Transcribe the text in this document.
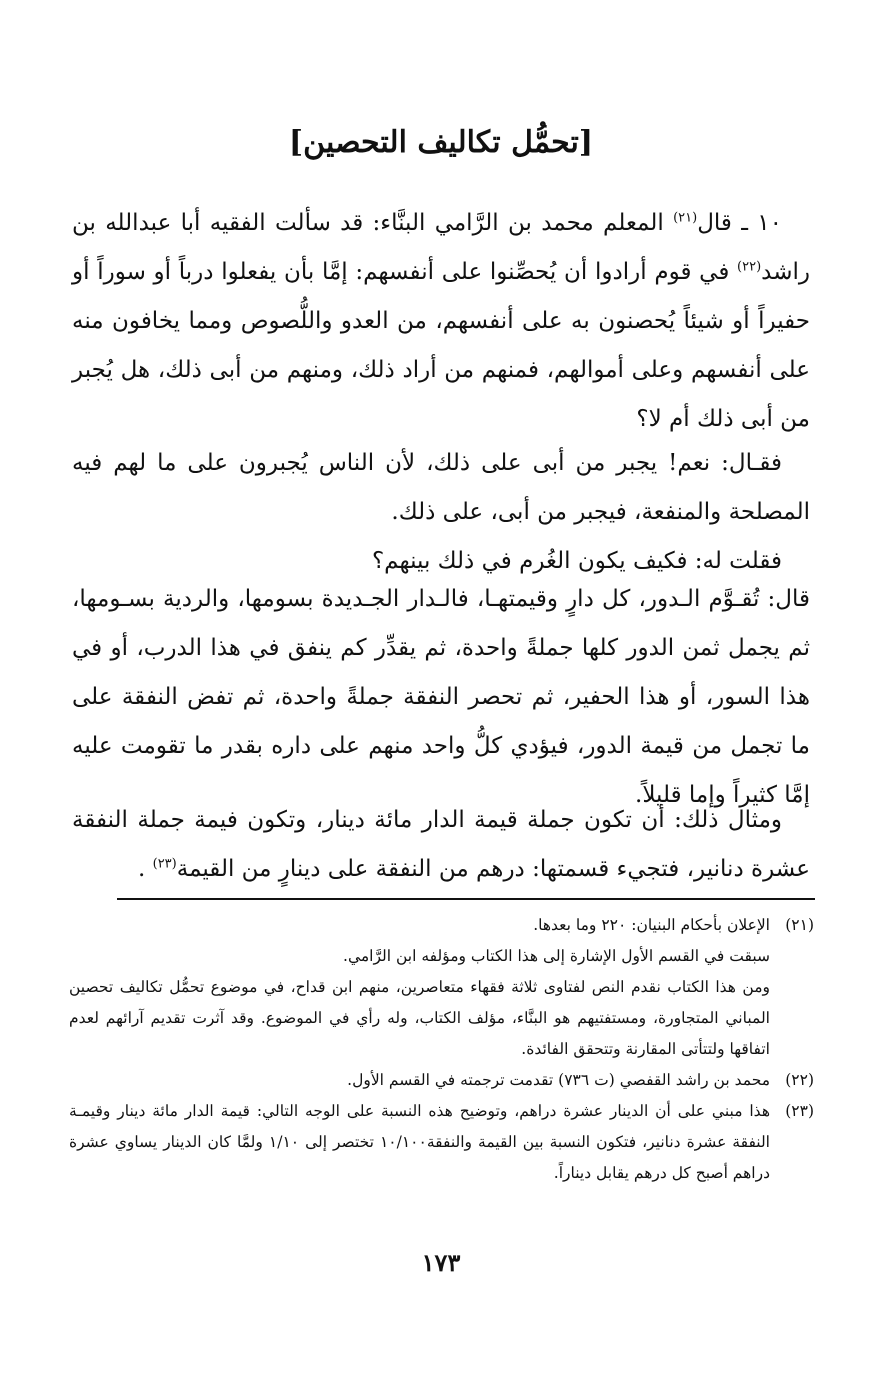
[تحمُّل تكاليف التحصين]

١٠ ـ قال$^{(٢١)}$ المعلم محمد بن الرَّامي البنَّاء: قد سألت الفقيه أبا عبدالله بن راشد$^{(٢٢)}$ في قوم أرادوا أن يُحصِّنوا على أنفسهم: إمَّا بأن يفعلوا درباً أو سوراً أو حفيراً أو شيئاً يُحصنون به على أنفسهم، من العدو واللُّصوص ومما يخافون منه على أنفسهم وعلى أموالهم، فمنهم من أراد ذلك، ومنهم من أبى ذلك، هل يُجبر من أبى ذلك أم لا؟

فقـال: نعم! يجبر من أبى على ذلك، لأن الناس يُجبرون على ما لهم فيه المصلحة والمنفعة، فيجبر من أبى، على ذلك.

فقلت له: فكيف يكون الغُرم في ذلك بينهم؟

قال: تُقـوَّم الـدور، كل دارٍ وقيمتهـا، فالـدار الجـديدة بسومها، والردية بسـومها، ثم يجمل ثمن الدور كلها جملةً واحدة، ثم يقدِّر كم ينفق في هذا الدرب، أو في هذا السور، أو هذا الحفير، ثم تحصر النفقة جملةً واحدة، ثم تفض النفقة على ما تجمل من قيمة الدور، فيؤدي كلُّ واحد منهم على داره بقدر ما تقومت عليه إمَّا كثيراً وإما قليلاً.

ومثال ذلك: أن تكون جملة قيمة الدار مائة دينار، وتكون فيمة جملة النفقة عشرة دنانير، فتجيء قسمتها: درهم من النفقة على دينارٍ من القيمة$^{(٢٣)}$ .

(٢١)
الإعلان بأحكام البنيان: ٢٢٠ وما بعدها.

سبقت في القسم الأول الإشارة إلى هذا الكتاب ومؤلفه ابن الرَّامي.

ومن هذا الكتاب نقدم النص لفتاوى ثلاثة فقهاء متعاصرين، منهم ابن قداح، في موضوع تحمُّل تكاليف تحصين المباني المتجاورة، ومستفتيهم هو البنَّاء، مؤلف الكتاب، وله رأي في الموضوع. وقد آثرت تقديم آرائهم لعدم اتفاقها ولتتأتى المقارنة وتتحقق الفائدة.

(٢٢)
محمد بن راشد القفصي (ت ٧٣٦) تقدمت ترجمته في القسم الأول.
(٢٣)
هذا مبني على أن الدينار عشرة دراهم، وتوضيح هذه النسبة على الوجه التالي: قيمة الدار مائة دينار وقيمـة النفقة عشرة دنانير، فتكون النسبة بين القيمة والنفقة١٠/١٠٠ تختصر إلى ١/١٠ ولمَّا كان الدينار يساوي عشرة دراهم أصبح كل درهم يقابل ديناراً.

١٧٣
